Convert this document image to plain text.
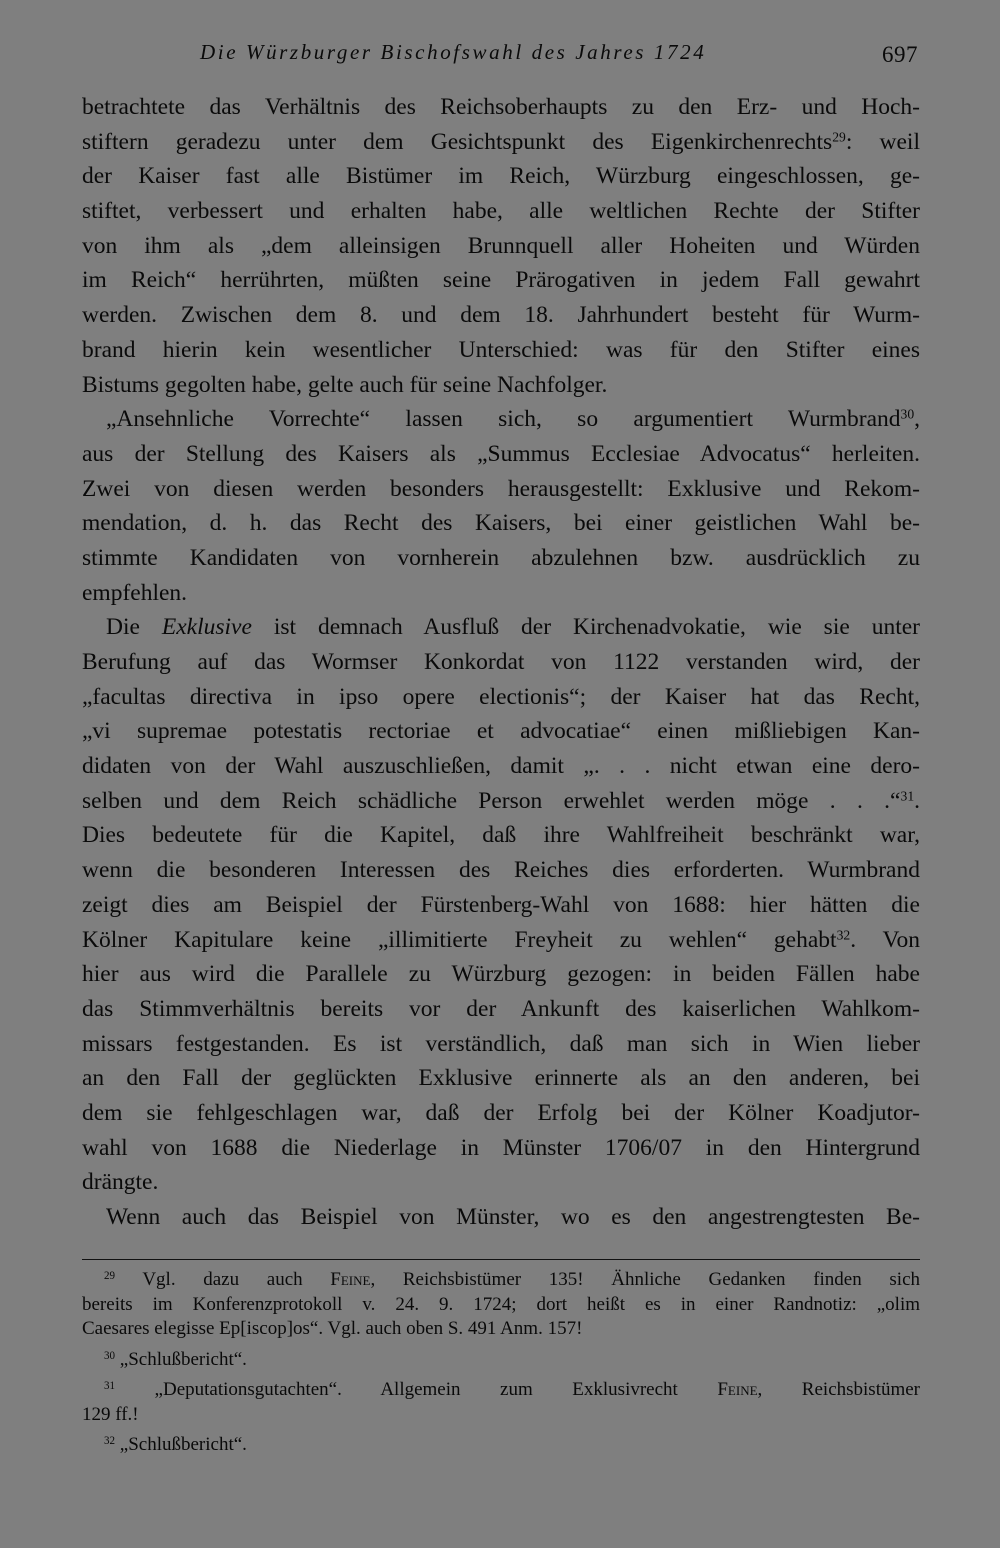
Die Würzburger Bischofswahl des Jahres 1724	697
betrachtete das Verhältnis des Reichsoberhaupts zu den Erz- und Hoch-
stiftern geradezu unter dem Gesichtspunkt des Eigenkirchenrechts$^{29}$: weil
der Kaiser fast alle Bistümer im Reich, Würzburg eingeschlossen, ge-
stiftet, verbessert und erhalten habe, alle weltlichen Rechte der Stifter
von ihm als „dem alleinsigen Brunnquell aller Hoheiten und Würden
im Reich“ herrührten, müßten seine Prärogativen in jedem Fall gewahrt
werden. Zwischen dem 8. und dem 18. Jahrhundert besteht für Wurm-
brand hierin kein wesentlicher Unterschied: was für den Stifter eines
Bistums gegolten habe, gelte auch für seine Nachfolger.
„Ansehnliche Vorrechte“ lassen sich, so argumentiert Wurmbrand$^{30}$,
aus der Stellung des Kaisers als „Summus Ecclesiae Advocatus“ herleiten.
Zwei von diesen werden besonders herausgestellt: Exklusive und Rekom-
mendation, d. h. das Recht des Kaisers, bei einer geistlichen Wahl be-
stimmte Kandidaten von vornherein abzulehnen bzw. ausdrücklich zu
empfehlen.
Die Exklusive ist demnach Ausfluß der Kirchenadvokatie, wie sie unter
Berufung auf das Wormser Konkordat von 1122 verstanden wird, der
„facultas directiva in ipso opere electionis“; der Kaiser hat das Recht,
„vi supremae potestatis rectoriae et advocatiae“ einen mißliebigen Kan-
didaten von der Wahl auszuschließen, damit „. . . nicht etwan eine dero-
selben und dem Reich schädliche Person erwehlet werden möge . . .“$^{31}$.
Dies bedeutete für die Kapitel, daß ihre Wahlfreiheit beschränkt war,
wenn die besonderen Interessen des Reiches dies erforderten. Wurmbrand
zeigt dies am Beispiel der Fürstenberg-Wahl von 1688: hier hätten die
Kölner Kapitulare keine „illimitierte Freyheit zu wehlen“ gehabt$^{32}$. Von
hier aus wird die Parallele zu Würzburg gezogen: in beiden Fällen habe
das Stimmverhältnis bereits vor der Ankunft des kaiserlichen Wahlkom-
missars festgestanden. Es ist verständlich, daß man sich in Wien lieber
an den Fall der geglückten Exklusive erinnerte als an den anderen, bei
dem sie fehlgeschlagen war, daß der Erfolg bei der Kölner Koadjutor-
wahl von 1688 die Niederlage in Münster 1706/07 in den Hintergrund
drängte.
Wenn auch das Beispiel von Münster, wo es den angestrengtesten Be-
$^{29}$ Vgl. dazu auch Feine, Reichsbistümer 135! Ähnliche Gedanken finden sich
bereits im Konferenzprotokoll v. 24. 9. 1724; dort heißt es in einer Randnotiz: „olim
Caesares elegisse Ep[iscop]os“. Vgl. auch oben S. 491 Anm. 157!
$^{30}$ „Schlußbericht“.
$^{31}$ „Deputationsgutachten“. Allgemein zum Exklusivrecht Feine, Reichsbistümer
129 ff.!
$^{32}$ „Schlußbericht“.
